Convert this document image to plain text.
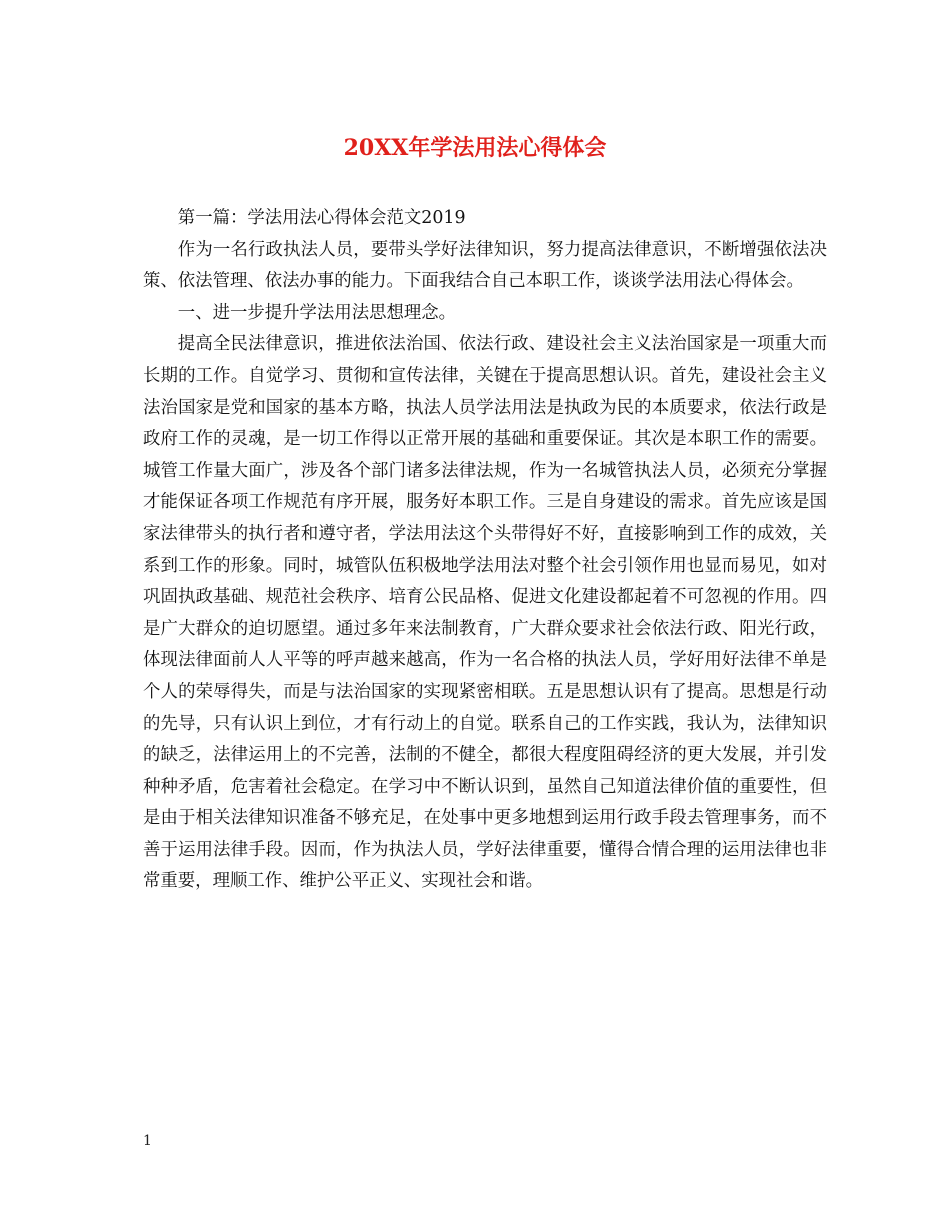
20XX年学法用法心得体会

第一篇：学法用法心得体会范文2019

作为一名行政执法人员，要带头学好法律知识，努力提高法律意识，不断增强依法决策、依法管理、依法办事的能力。下面我结合自己本职工作，谈谈学法用法心得体会。

一、进一步提升学法用法思想理念。

提高全民法律意识，推进依法治国、依法行政、建设社会主义法治国家是一项重大而长期的工作。自觉学习、贯彻和宣传法律，关键在于提高思想认识。首先，建设社会主义法治国家是党和国家的基本方略，执法人员学法用法是执政为民的本质要求，依法行政是政府工作的灵魂，是一切工作得以正常开展的基础和重要保证。其次是本职工作的需要。城管工作量大面广，涉及各个部门诸多法律法规，作为一名城管执法人员，必须充分掌握才能保证各项工作规范有序开展，服务好本职工作。三是自身建设的需求。首先应该是国家法律带头的执行者和遵守者，学法用法这个头带得好不好，直接影响到工作的成效，关系到工作的形象。同时，城管队伍积极地学法用法对整个社会引领作用也显而易见，如对巩固执政基础、规范社会秩序、培育公民品格、促进文化建设都起着不可忽视的作用。四是广大群众的迫切愿望。通过多年来法制教育，广大群众要求社会依法行政、阳光行政，体现法律面前人人平等的呼声越来越高，作为一名合格的执法人员，学好用好法律不单是个人的荣辱得失，而是与法治国家的实现紧密相联。五是思想认识有了提高。思想是行动的先导，只有认识上到位，才有行动上的自觉。联系自己的工作实践，我认为，法律知识的缺乏，法律运用上的不完善，法制的不健全，都很大程度阻碍经济的更大发展，并引发种种矛盾，危害着社会稳定。在学习中不断认识到，虽然自己知道法律价值的重要性，但是由于相关法律知识准备不够充足，在处事中更多地想到运用行政手段去管理事务，而不善于运用法律手段。因而，作为执法人员，学好法律重要，懂得合情合理的运用法律也非常重要，理顺工作、维护公平正义、实现社会和谐。

1
